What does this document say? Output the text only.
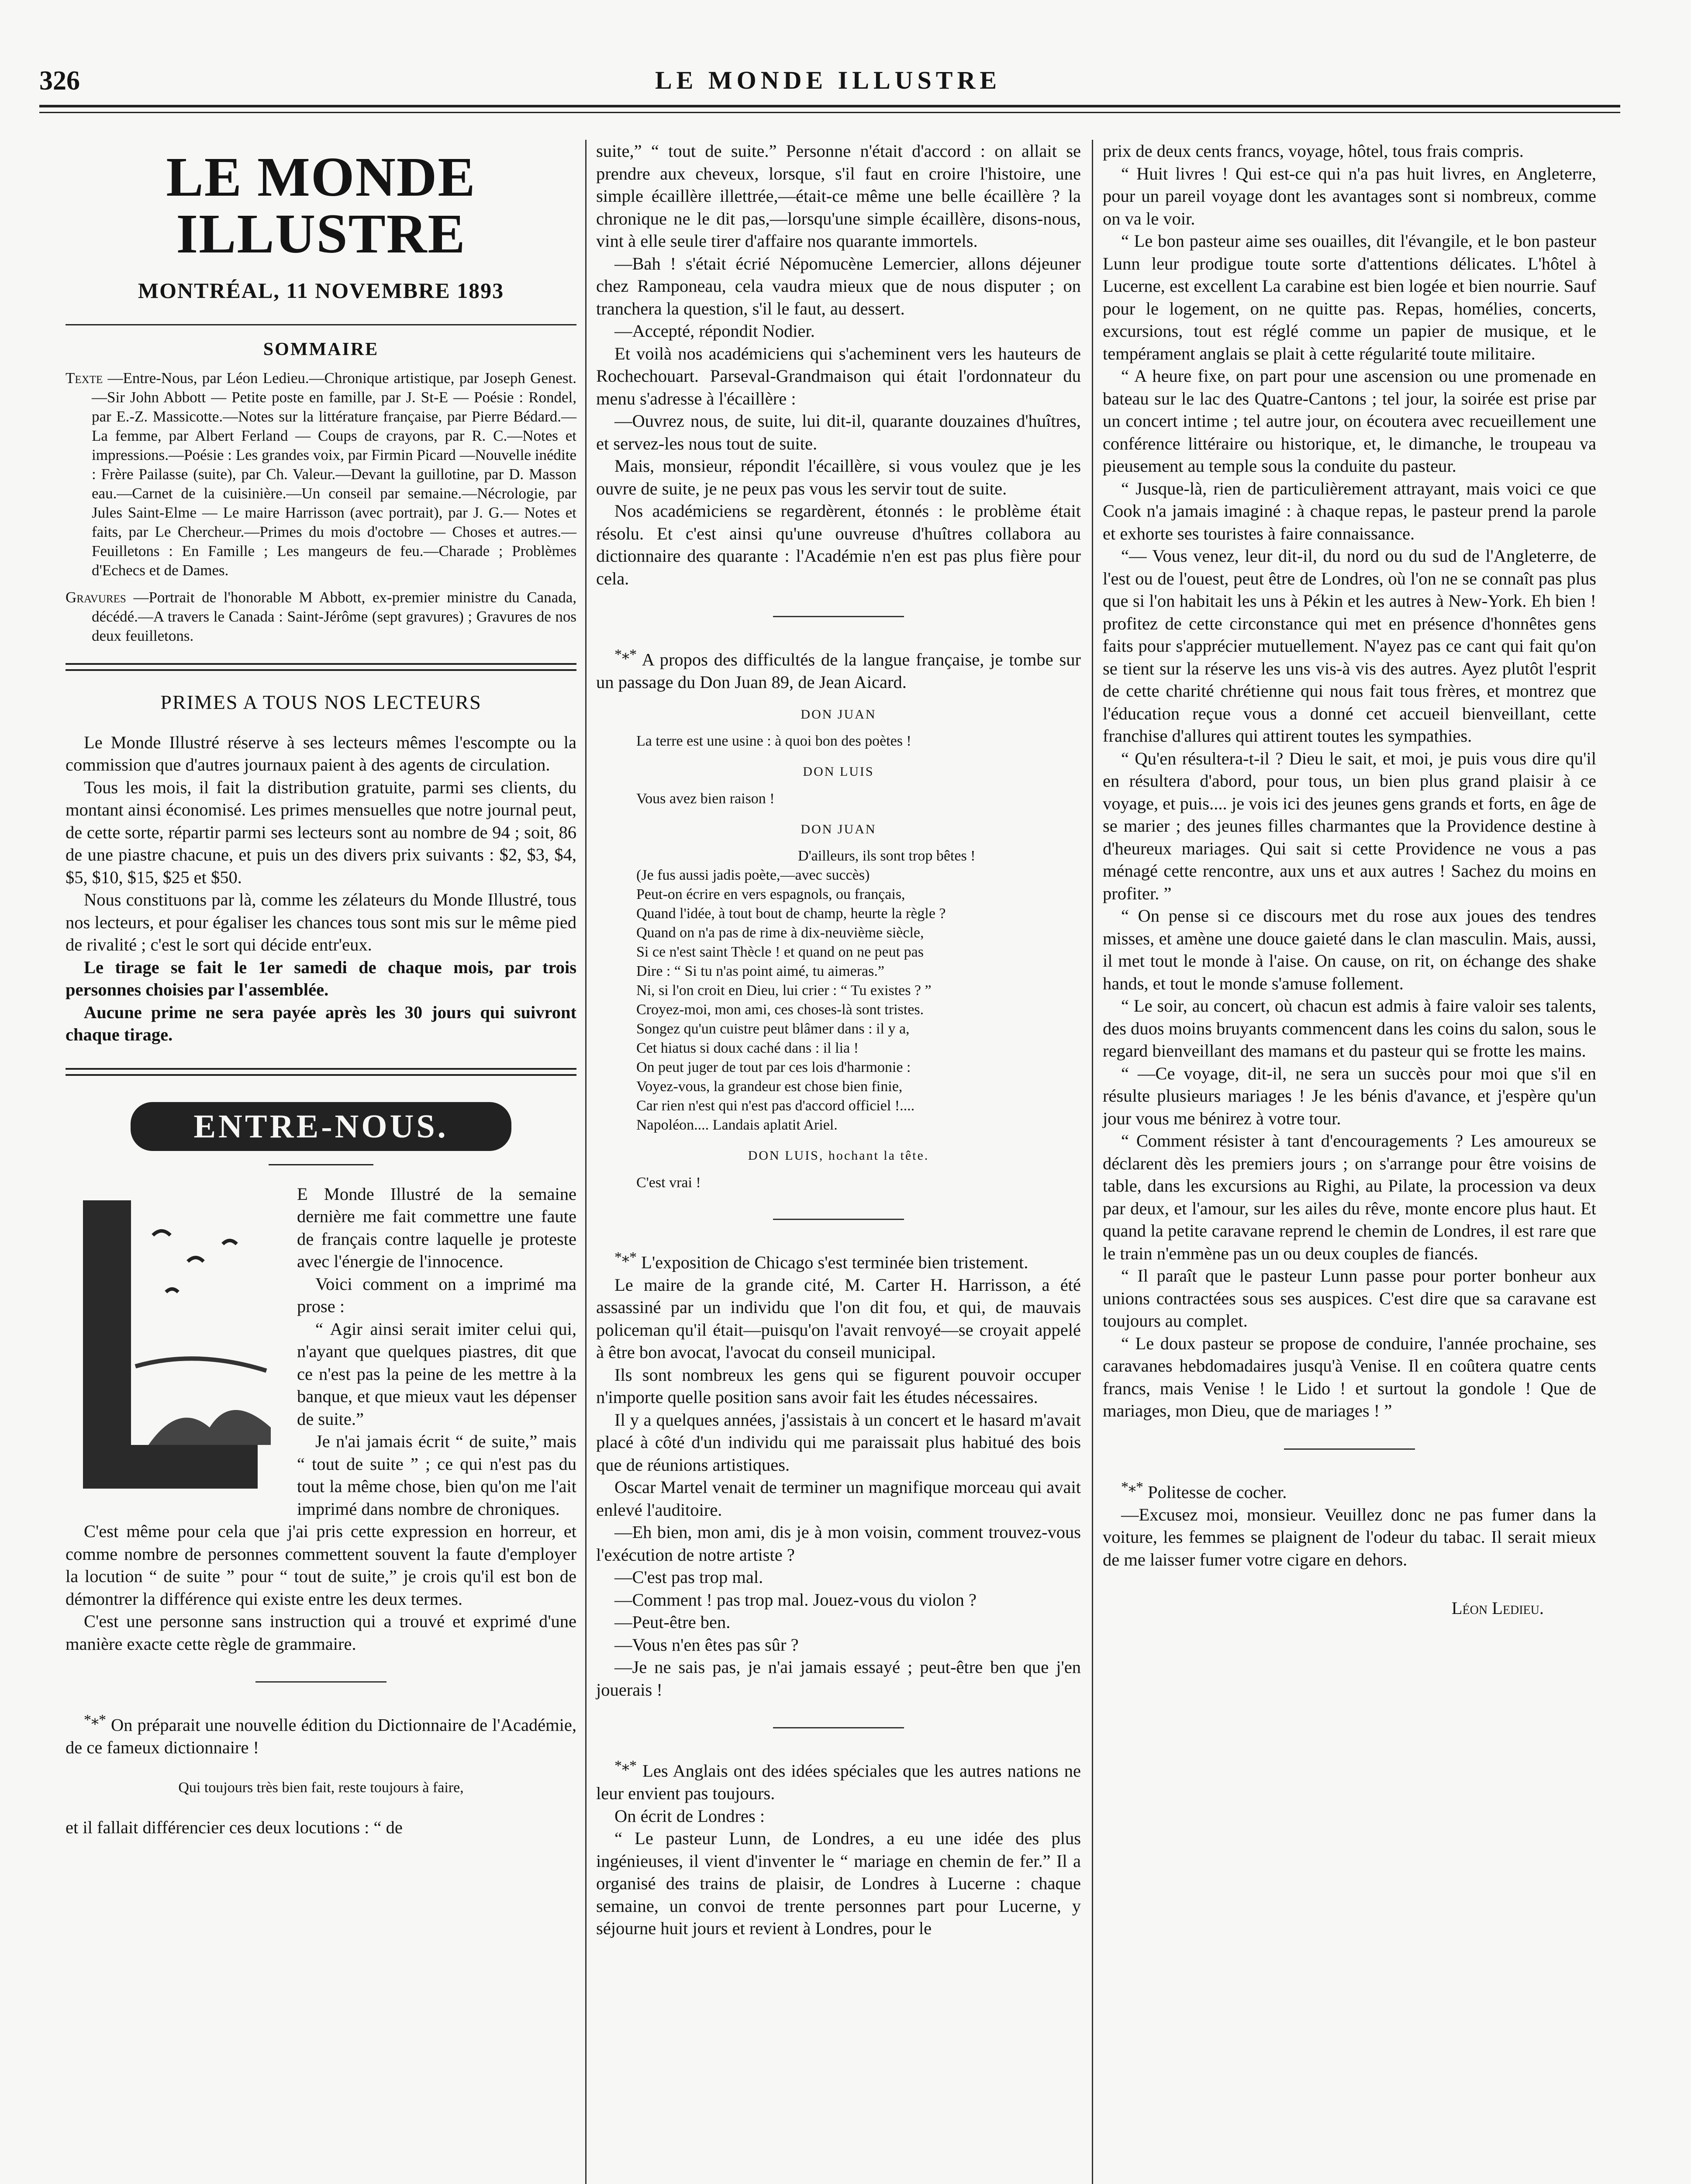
326	LE MONDE ILLUSTRE
LE MONDE ILLUSTRE
MONTRÉAL, 11 NOVEMBRE 1893
SOMMAIRE

Texte —Entre-Nous, par Léon Ledieu.—Chronique artistique, par Joseph Genest.—Sir John Abbott — Petite poste en famille, par J. St-E — Poésie : Rondel, par E.-Z. Massicotte.—Notes sur la littérature française, par Pierre Bédard.—La femme, par Albert Ferland — Coups de crayons, par R. C.—Notes et impressions.—Poésie : Les grandes voix, par Firmin Picard —Nouvelle inédite : Frère Pailasse (suite), par Ch. Valeur.—Devant la guillotine, par D. Masson eau.—Carnet de la cuisinière.—Un conseil par semaine.—Nécrologie, par Jules Saint-Elme — Le maire Harrisson (avec portrait), par J. G.— Notes et faits, par Le Chercheur.—Primes du mois d'octobre — Choses et autres.—Feuilletons : En Famille ; Les mangeurs de feu.—Charade ; Problèmes d'Echecs et de Dames.

Gravures —Portrait de l'honorable M Abbott, ex-premier ministre du Canada, décédé.—A travers le Canada : Saint-Jérôme (sept gravures) ; Gravures de nos deux feuilletons.

PRIMES A TOUS NOS LECTEURS

Le Monde Illustré réserve à ses lecteurs mêmes l'escompte ou la commission que d'autres journaux paient à des agents de circulation.

Tous les mois, il fait la distribution gratuite, parmi ses clients, du montant ainsi économisé. Les primes mensuelles que notre journal peut, de cette sorte, répartir parmi ses lecteurs sont au nombre de 94 ; soit, 86 de une piastre chacune, et puis un des divers prix suivants : $2, $3, $4, $5, $10, $15, $25 et $50.

Nous constituons par là, comme les zélateurs du Monde Illustré, tous nos lecteurs, et pour égaliser les chances tous sont mis sur le même pied de rivalité ; c'est le sort qui décide entr'eux.

Le tirage se fait le 1er samedi de chaque mois, par trois personnes choisies par l'assemblée.

Aucune prime ne sera payée après les 30 jours qui suivront chaque tirage.

ENTRE-NOUS.

E Monde Illustré de la semaine dernière me fait commettre une faute de français contre laquelle je proteste avec l'énergie de l'innocence.

Voici comment on a imprimé ma prose :

“ Agir ainsi serait imiter celui qui, n'ayant que quelques piastres, dit que ce n'est pas la peine de les mettre à la banque, et que mieux vaut les dépenser de suite.”

Je n'ai jamais écrit “ de suite,” mais “ tout de suite ” ; ce qui n'est pas du tout la même chose, bien qu'on me l'ait imprimé dans nombre de chroniques.

C'est même pour cela que j'ai pris cette expression en horreur, et comme nombre de personnes commettent souvent la faute d'employer la locution “ de suite ” pour “ tout de suite,” je crois qu'il est bon de démontrer la différence qui existe entre les deux termes.

C'est une personne sans instruction qui a trouvé et exprimé d'une manière exacte cette règle de grammaire.

*⁎* On préparait une nouvelle édition du Dictionnaire de l'Académie, de ce fameux dictionnaire !

Qui toujours très bien fait, reste toujours à faire,

et il fallait différencier ces deux locutions : “ de

suite,” “ tout de suite.” Personne n'était d'accord : on allait se prendre aux cheveux, lorsque, s'il faut en croire l'histoire, une simple écaillère illettrée,—était-ce même une belle écaillère ? la chronique ne le dit pas,—lorsqu'une simple écaillère, disons-nous, vint à elle seule tirer d'affaire nos quarante immortels.

—Bah ! s'était écrié Népomucène Lemercier, allons déjeuner chez Ramponeau, cela vaudra mieux que de nous disputer ; on tranchera la question, s'il le faut, au dessert.

—Accepté, répondit Nodier.

Et voilà nos académiciens qui s'acheminent vers les hauteurs de Rochechouart. Parseval-Grandmaison qui était l'ordonnateur du menu s'adresse à l'écaillère :

—Ouvrez nous, de suite, lui dit-il, quarante douzaines d'huîtres, et servez-les nous tout de suite.

Mais, monsieur, répondit l'écaillère, si vous voulez que je les ouvre de suite, je ne peux pas vous les servir tout de suite.

Nos académiciens se regardèrent, étonnés : le problème était résolu. Et c'est ainsi qu'une ouvreuse d'huîtres collabora au dictionnaire des quarante : l'Académie n'en est pas plus fière pour cela.

*⁎* A propos des difficultés de la langue française, je tombe sur un passage du Don Juan 89, de Jean Aicard.

DON JUAN

La terre est une usine : à quoi bon des poètes !

DON LUIS

Vous avez bien raison !

DON JUAN

D'ailleurs, ils sont trop bêtes !

(Je fus aussi jadis poète,—avec succès)

Peut-on écrire en vers espagnols, ou français,

Quand l'idée, à tout bout de champ, heurte la règle ?

Quand on n'a pas de rime à dix-neuvième siècle,

Si ce n'est saint Thècle ! et quand on ne peut pas

Dire : “ Si tu n'as point aimé, tu aimeras.”

Ni, si l'on croit en Dieu, lui crier : “ Tu existes ? ”

Croyez-moi, mon ami, ces choses-là sont tristes.

Songez qu'un cuistre peut blâmer dans : il y a,

Cet hiatus si doux caché dans : il lia !

On peut juger de tout par ces lois d'harmonie :

Voyez-vous, la grandeur est chose bien finie,

Car rien n'est qui n'est pas d'accord officiel !....

Napoléon.... Landais aplatit Ariel.

DON LUIS, hochant la tête.

C'est vrai !

*⁎* L'exposition de Chicago s'est terminée bien tristement.

Le maire de la grande cité, M. Carter H. Harrisson, a été assassiné par un individu que l'on dit fou, et qui, de mauvais policeman qu'il était—puisqu'on l'avait renvoyé—se croyait appelé à être bon avocat, l'avocat du conseil municipal.

Ils sont nombreux les gens qui se figurent pouvoir occuper n'importe quelle position sans avoir fait les études nécessaires.

Il y a quelques années, j'assistais à un concert et le hasard m'avait placé à côté d'un individu qui me paraissait plus habitué des bois que de réunions artistiques.

Oscar Martel venait de terminer un magnifique morceau qui avait enlevé l'auditoire.

—Eh bien, mon ami, dis je à mon voisin, comment trouvez-vous l'exécution de notre artiste ?

—C'est pas trop mal.

—Comment ! pas trop mal. Jouez-vous du violon ?

—Peut-être ben.

—Vous n'en êtes pas sûr ?

—Je ne sais pas, je n'ai jamais essayé ; peut-être ben que j'en jouerais !

*⁎* Les Anglais ont des idées spéciales que les autres nations ne leur envient pas toujours.

On écrit de Londres :

“ Le pasteur Lunn, de Londres, a eu une idée des plus ingénieuses, il vient d'inventer le “ mariage en chemin de fer.” Il a organisé des trains de plaisir, de Londres à Lucerne : chaque semaine, un convoi de trente personnes part pour Lucerne, y séjourne huit jours et revient à Londres, pour le

prix de deux cents francs, voyage, hôtel, tous frais compris.

“ Huit livres ! Qui est-ce qui n'a pas huit livres, en Angleterre, pour un pareil voyage dont les avantages sont si nombreux, comme on va le voir.

“ Le bon pasteur aime ses ouailles, dit l'évangile, et le bon pasteur Lunn leur prodigue toute sorte d'attentions délicates. L'hôtel à Lucerne, est excellent La carabine est bien logée et bien nourrie. Sauf pour le logement, on ne quitte pas. Repas, homélies, concerts, excursions, tout est réglé comme un papier de musique, et le tempérament anglais se plait à cette régularité toute militaire.

“ A heure fixe, on part pour une ascension ou une promenade en bateau sur le lac des Quatre-Cantons ; tel jour, la soirée est prise par un concert intime ; tel autre jour, on écoutera avec recueillement une conférence littéraire ou historique, et, le dimanche, le troupeau va pieusement au temple sous la conduite du pasteur.

“ Jusque-là, rien de particulièrement attrayant, mais voici ce que Cook n'a jamais imaginé : à chaque repas, le pasteur prend la parole et exhorte ses touristes à faire connaissance.

“— Vous venez, leur dit-il, du nord ou du sud de l'Angleterre, de l'est ou de l'ouest, peut être de Londres, où l'on ne se connaît pas plus que si l'on habitait les uns à Pékin et les autres à New-York. Eh bien ! profitez de cette circonstance qui met en présence d'honnêtes gens faits pour s'apprécier mutuellement. N'ayez pas ce cant qui fait qu'on se tient sur la réserve les uns vis-à vis des autres. Ayez plutôt l'esprit de cette charité chrétienne qui nous fait tous frères, et montrez que l'éducation reçue vous a donné cet accueil bienveillant, cette franchise d'allures qui attirent toutes les sympathies.

“ Qu'en résultera-t-il ? Dieu le sait, et moi, je puis vous dire qu'il en résultera d'abord, pour tous, un bien plus grand plaisir à ce voyage, et puis.... je vois ici des jeunes gens grands et forts, en âge de se marier ; des jeunes filles charmantes que la Providence destine à d'heureux mariages. Qui sait si cette Providence ne vous a pas ménagé cette rencontre, aux uns et aux autres ! Sachez du moins en profiter. ”

“ On pense si ce discours met du rose aux joues des tendres misses, et amène une douce gaieté dans le clan masculin. Mais, aussi, il met tout le monde à l'aise. On cause, on rit, on échange des shake hands, et tout le monde s'amuse follement.

“ Le soir, au concert, où chacun est admis à faire valoir ses talents, des duos moins bruyants commencent dans les coins du salon, sous le regard bienveillant des mamans et du pasteur qui se frotte les mains.

“ —Ce voyage, dit-il, ne sera un succès pour moi que s'il en résulte plusieurs mariages ! Je les bénis d'avance, et j'espère qu'un jour vous me bénirez à votre tour.

“ Comment résister à tant d'encouragements ? Les amoureux se déclarent dès les premiers jours ; on s'arrange pour être voisins de table, dans les excursions au Righi, au Pilate, la procession va deux par deux, et l'amour, sur les ailes du rêve, monte encore plus haut. Et quand la petite caravane reprend le chemin de Londres, il est rare que le train n'emmène pas un ou deux couples de fiancés.

“ Il paraît que le pasteur Lunn passe pour porter bonheur aux unions contractées sous ses auspices. C'est dire que sa caravane est toujours au complet.

“ Le doux pasteur se propose de conduire, l'année prochaine, ses caravanes hebdomadaires jusqu'à Venise. Il en coûtera quatre cents francs, mais Venise ! le Lido ! et surtout la gondole ! Que de mariages, mon Dieu, que de mariages ! ”

*⁎* Politesse de cocher.

—Excusez moi, monsieur. Veuillez donc ne pas fumer dans la voiture, les femmes se plaignent de l'odeur du tabac. Il serait mieux de me laisser fumer votre cigare en dehors.

Léon Ledieu.
